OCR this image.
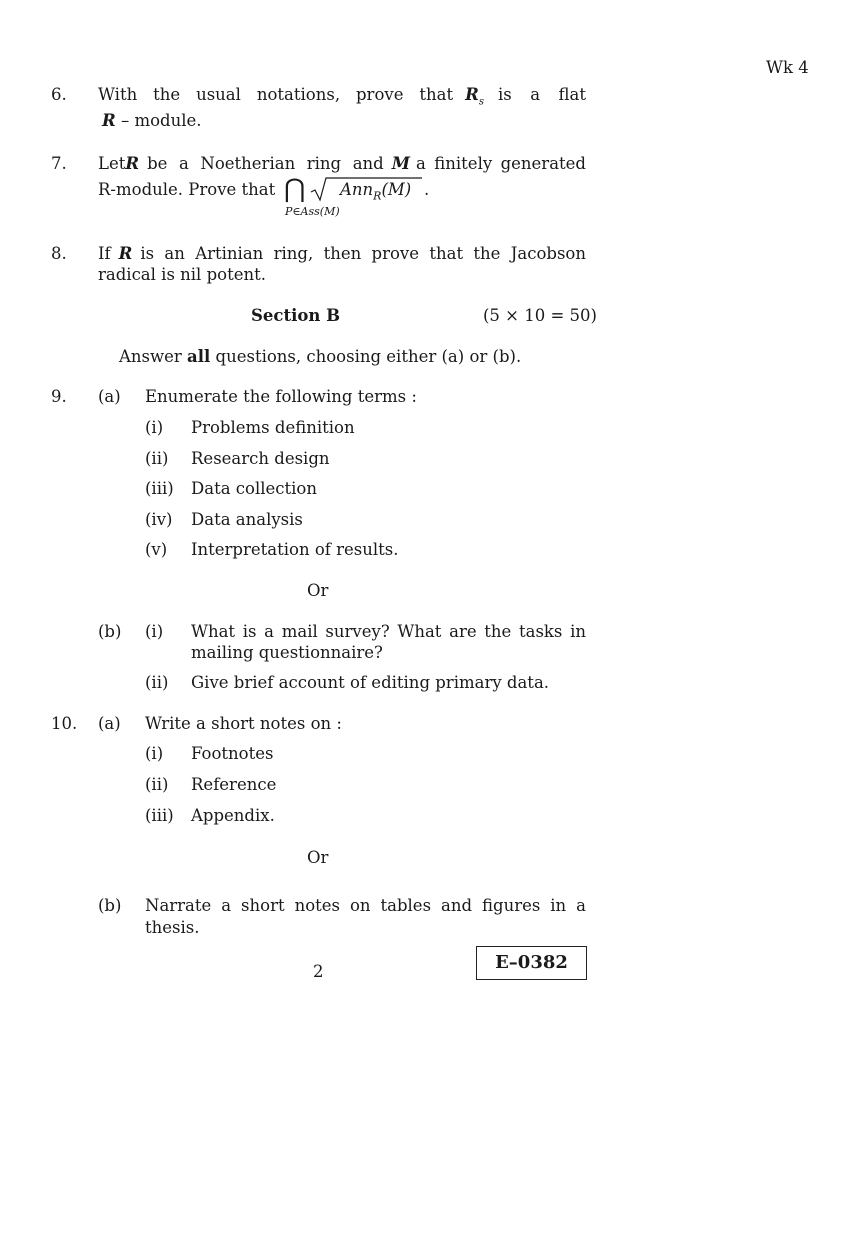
Wk 4
6. With the usual notations, prove that $R_s$ is a flat
R – module.
7. Let R be a Noetherian ring and M a finitely generated
R-module. Prove that ⋂
P∈Ass(M)
Ann$_R$(M) .
8. If R is an Artinian ring, then prove that the Jacobson
radical is nil potent.
Section B	(5 × 10 = 50)
Answer all questions, choosing either (a) or (b).
9. (a) Enumerate the following terms :
(i) Problems definition
(ii) Research design
(iii) Data collection
(iv) Data analysis
(v) Interpretation of results.
Or
(b) (i) What is a mail survey? What are the tasks in
mailing questionnaire?
(ii) Give brief account of editing primary data.
10. (a) Write a short notes on :
(i) Footnotes
(ii) Reference
(iii) Appendix.
Or
(b) Narrate a short notes on tables and figures in a
thesis.
2	E–0382
